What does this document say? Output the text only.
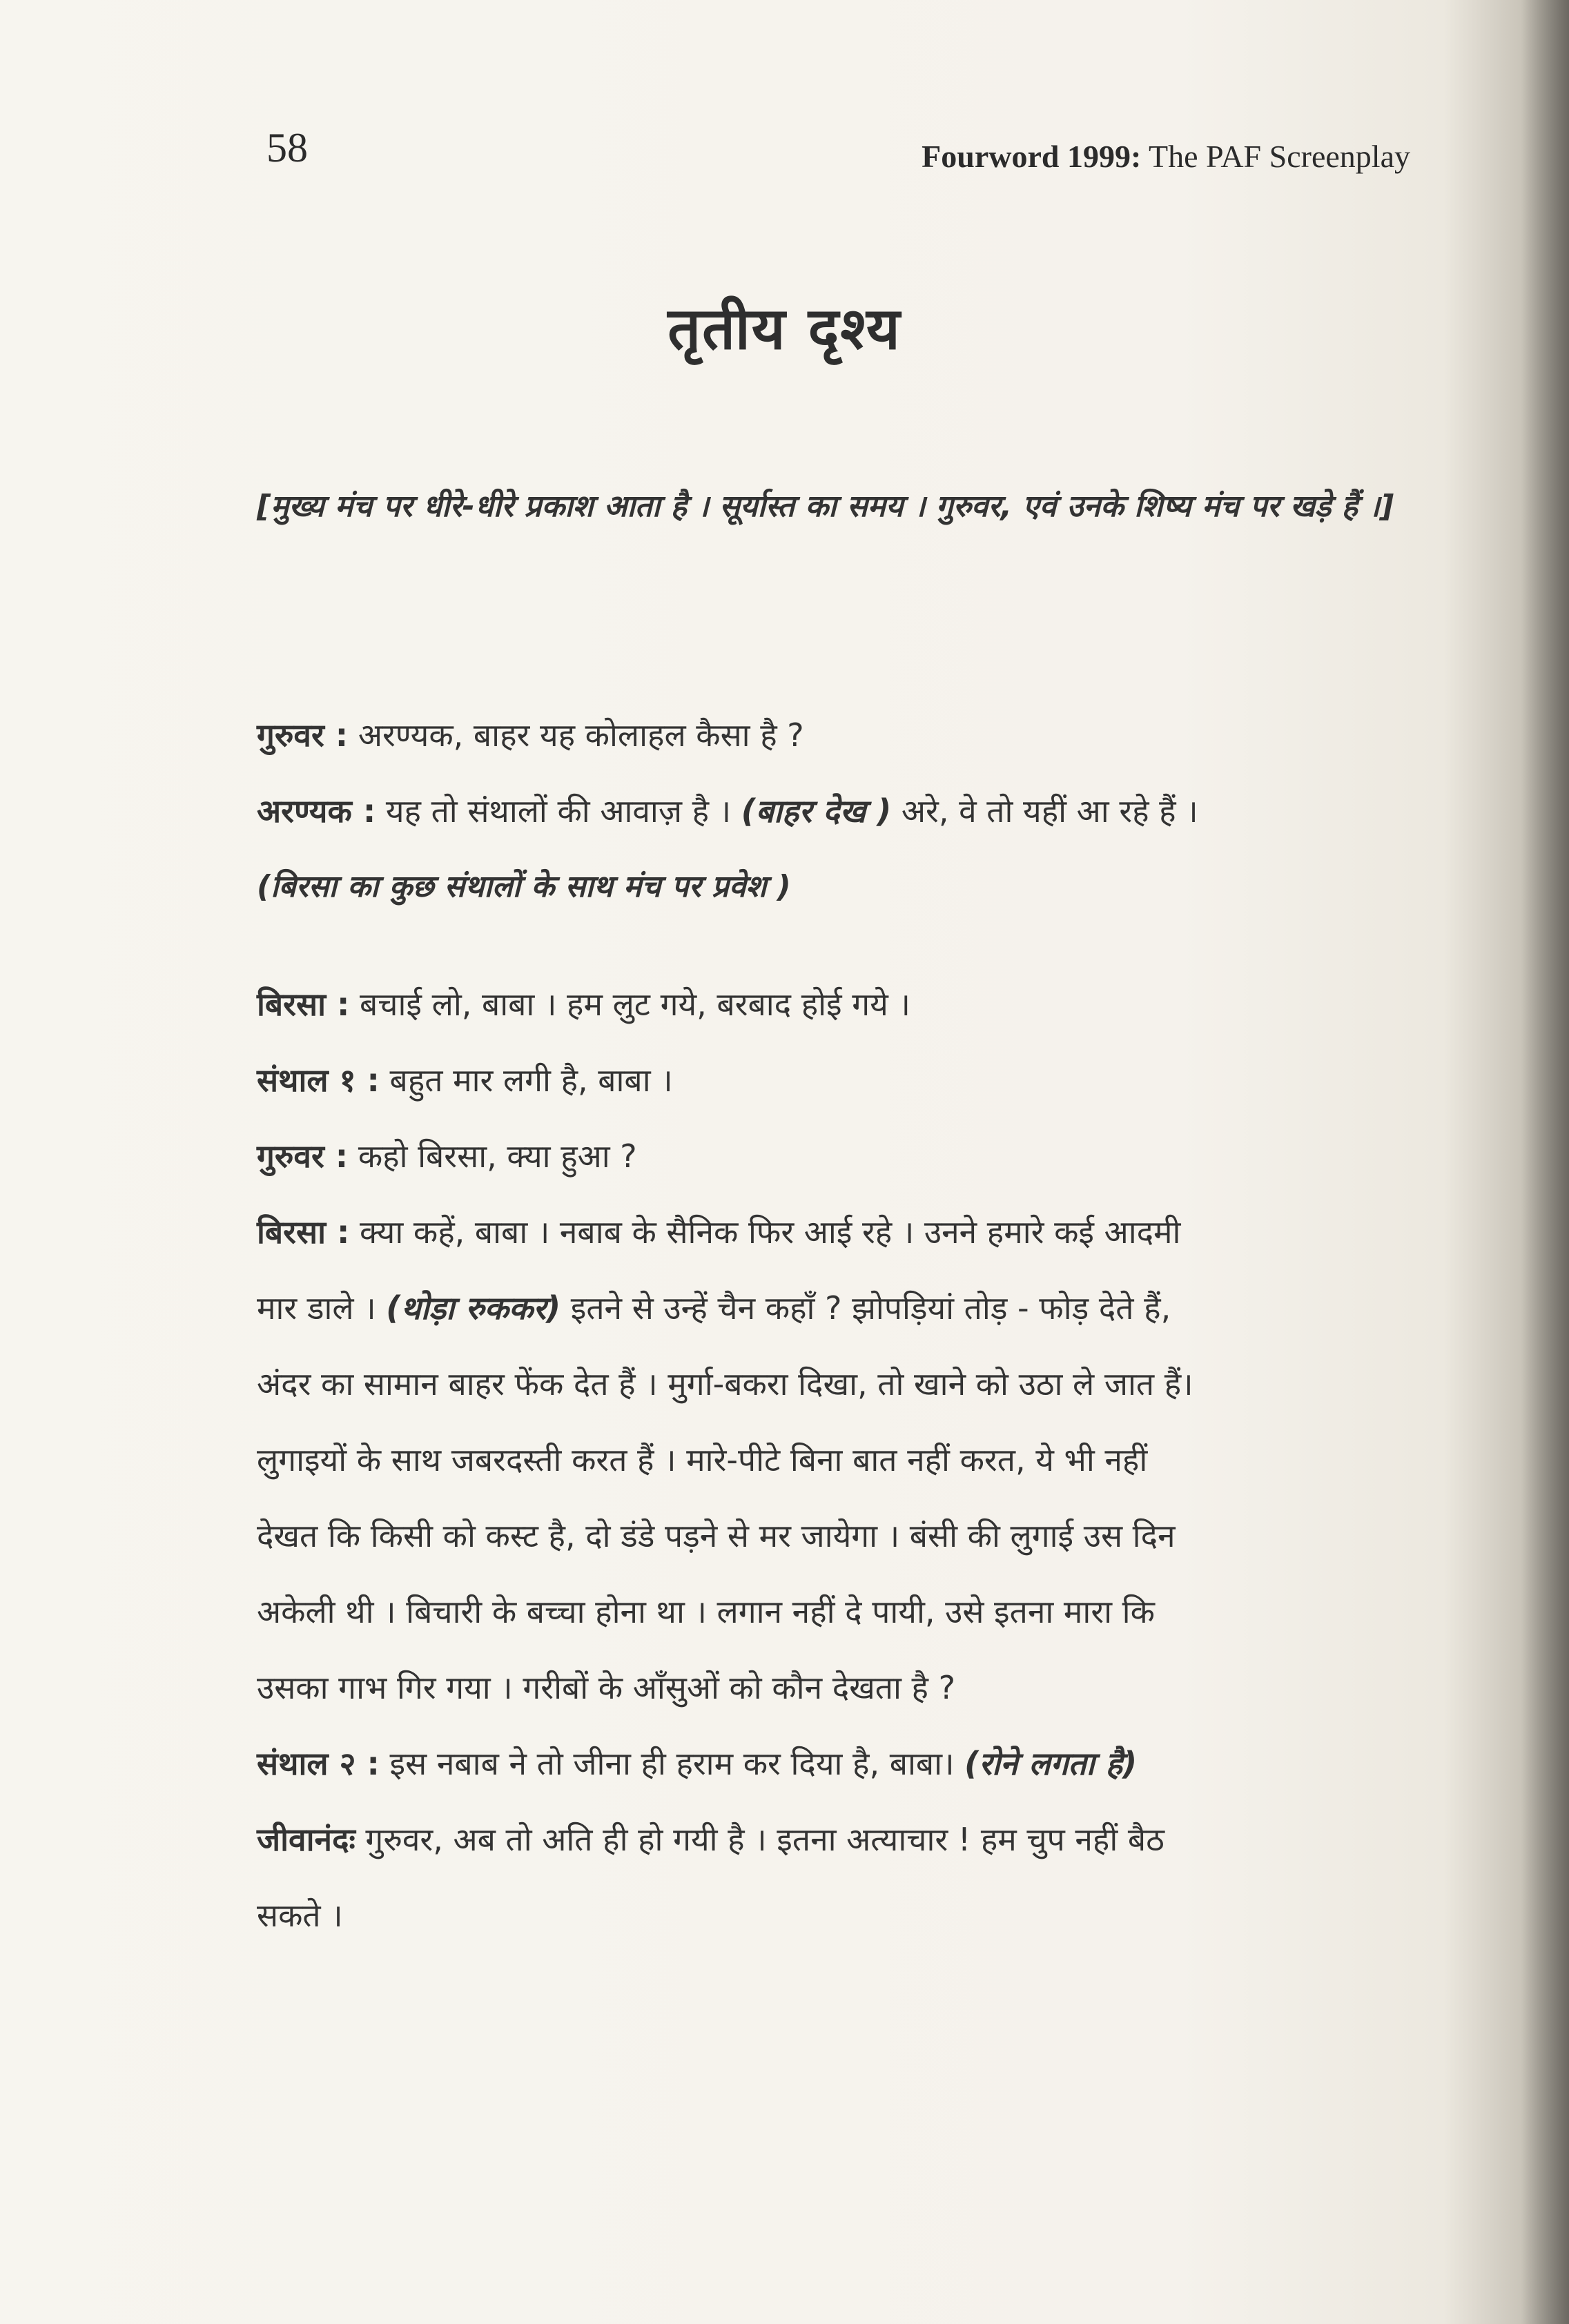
58	Fourword 1999: The PAF Screenplay
तृतीय दृश्य
[मुख्य मंच पर धीरे-धीरे प्रकाश आता है । सूर्यास्त का समय । गुरुवर, एवं उनके शिष्य मंच पर खड़े हैं ।]

गुरुवर : अरण्यक, बाहर यह कोलाहल कैसा है ?

अरण्यक : यह तो संथालों की आवाज़ है । (बाहर देख ) अरे, वे तो यहीं आ रहे हैं ।

(बिरसा का कुछ संथालों के साथ मंच पर प्रवेश )

बिरसा : बचाई लो, बाबा । हम लुट गये, बरबाद होई गये ।

संथाल १ : बहुत मार लगी है, बाबा ।

गुरुवर : कहो बिरसा, क्या हुआ ?

बिरसा : क्या कहें, बाबा । नबाब के सैनिक फिर आई रहे । उनने हमारे कई आदमी

मार डाले । (थोड़ा रुककर) इतने से उन्हें चैन कहाँ ? झोपड़ियां तोड़ - फोड़ देते हैं,

अंदर का सामान बाहर फेंक देत हैं । मुर्गा-बकरा दिखा, तो खाने को उठा ले जात हैं।

लुगाइयों के साथ जबरदस्ती करत हैं । मारे-पीटे बिना बात नहीं करत, ये भी नहीं

देखत कि किसी को कस्ट है, दो डंडे पड़ने से मर जायेगा । बंसी की लुगाई उस दिन

अकेली थी । बिचारी के बच्चा होना था । लगान नहीं दे पायी, उसे इतना मारा कि

उसका गाभ गिर गया । गरीबों के आँसुओं को कौन देखता है ?

संथाल २ : इस नबाब ने तो जीना ही हराम कर दिया है, बाबा। (रोने लगता है)

जीवानंदः गुरुवर, अब तो अति ही हो गयी है । इतना अत्याचार ! हम चुप नहीं बैठ

सकते ।
